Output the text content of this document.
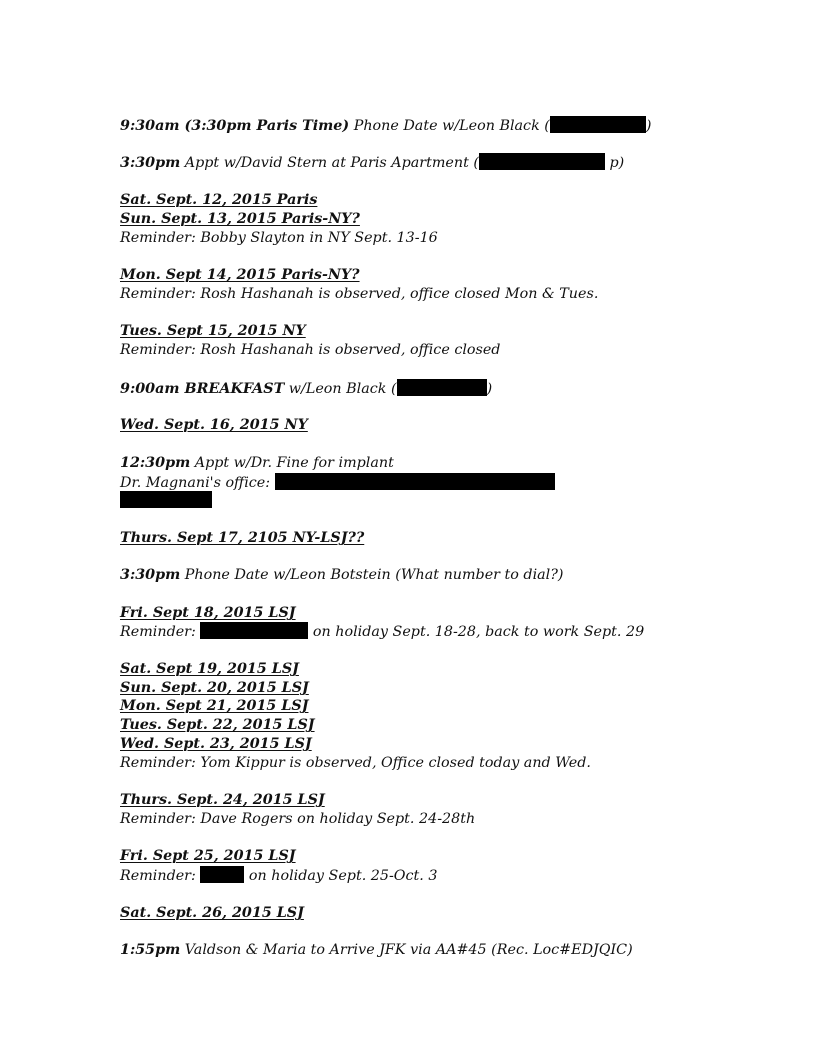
9:30am (3:30pm Paris Time) Phone Date w/Leon Black (	)
3:30pm Appt w/David Stern at Paris Apartment (	p)
Sat. Sept. 12, 2015 Paris
Sun. Sept. 13, 2015 Paris-NY?
Reminder: Bobby Slayton in NY Sept. 13-16
Mon. Sept 14, 2015 Paris-NY?
Reminder: Rosh Hashanah is observed, office closed Mon & Tues.
Tues. Sept 15, 2015 NY
Reminder: Rosh Hashanah is observed, office closed
9:00am BREAKFAST w/Leon Black (	)
Wed. Sept. 16, 2015 NY
12:30pm Appt w/Dr. Fine for implant
Dr. Magnani's office:
Thurs. Sept 17, 2105 NY-LSJ??
3:30pm Phone Date w/Leon Botstein (What number to dial?)
Fri. Sept 18, 2015 LSJ
Reminder:	on holiday Sept. 18-28, back to work Sept. 29
Sat. Sept 19, 2015 LSJ
Sun. Sept. 20, 2015 LSJ
Mon. Sept 21, 2015 LSJ
Tues. Sept. 22, 2015 LSJ
Wed. Sept. 23, 2015 LSJ
Reminder: Yom Kippur is observed, Office closed today and Wed.
Thurs. Sept. 24, 2015 LSJ
Reminder: Dave Rogers on holiday Sept. 24-28th
Fri. Sept 25, 2015 LSJ
Reminder:	on holiday Sept. 25-Oct. 3
Sat. Sept. 26, 2015 LSJ
1:55pm Valdson & Maria to Arrive JFK via AA#45 (Rec. Loc#EDJQIC)
